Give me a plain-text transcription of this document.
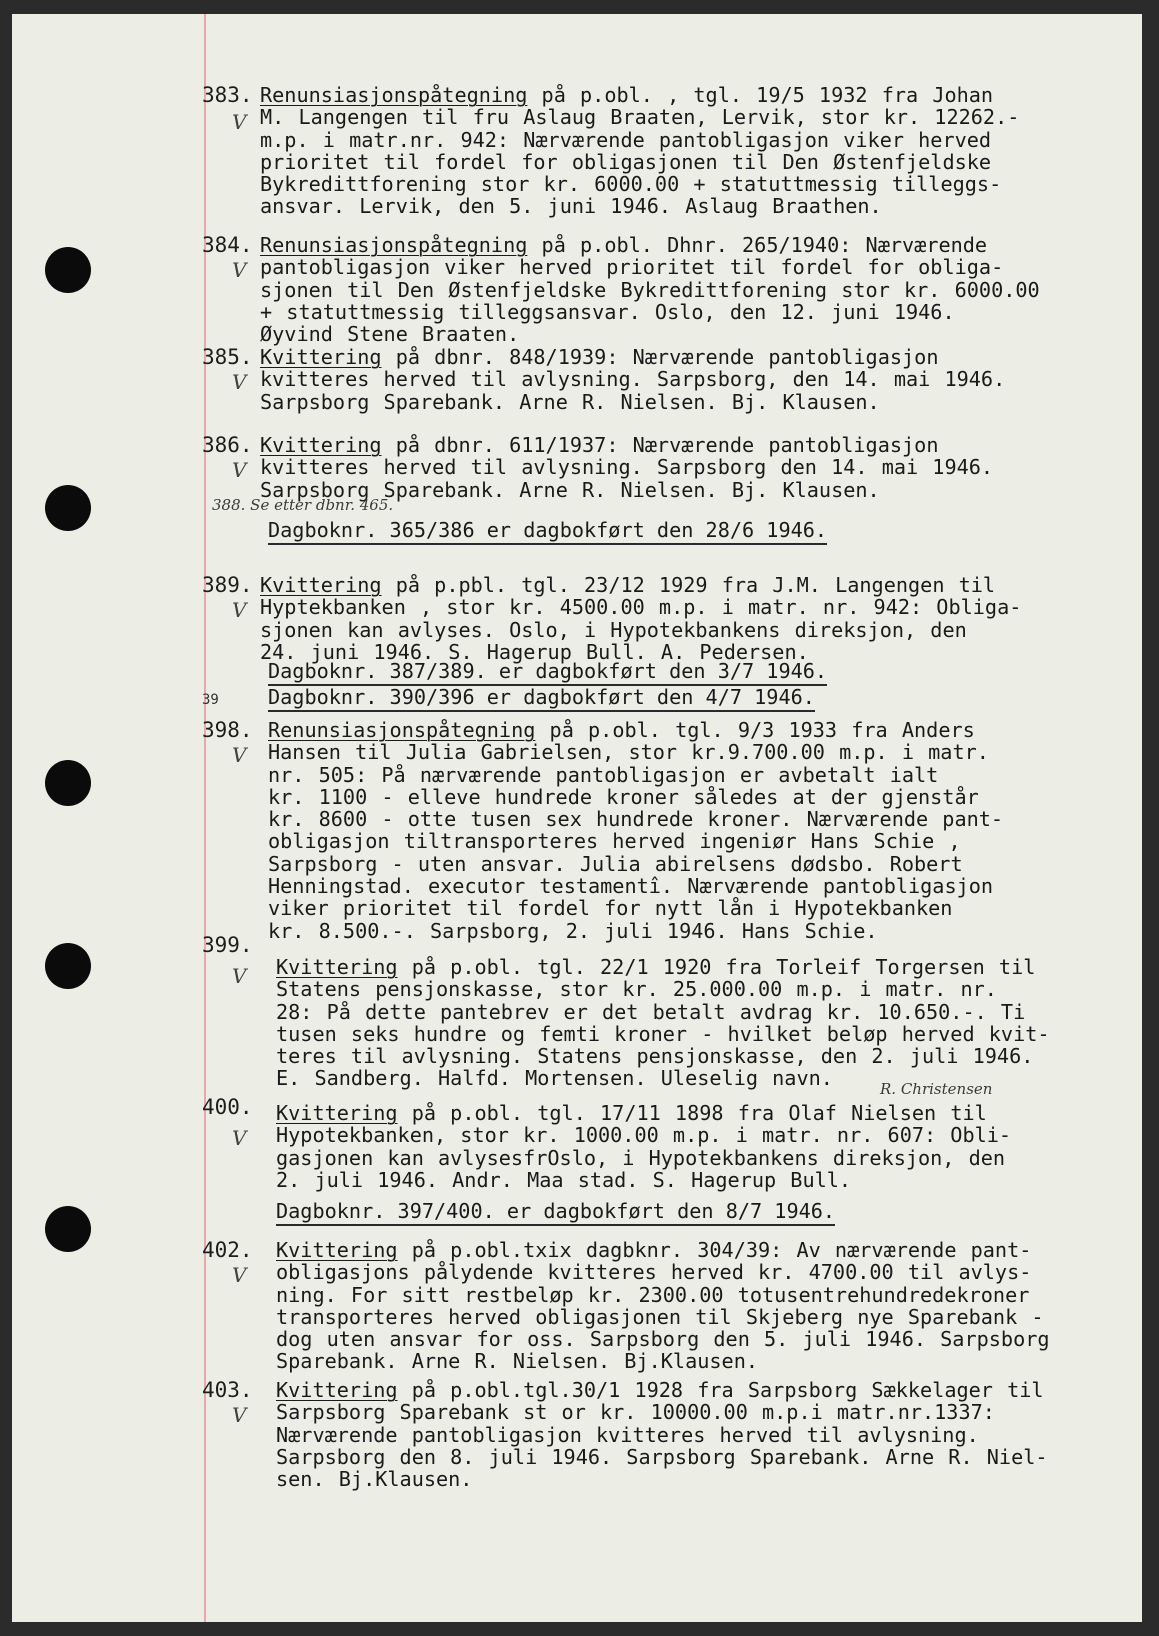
383.
V
Renunsiasjonspåtegning på p.obl. , tgl. 19/5 1932 fra Johan
M. Langengen til fru Aslaug Braaten, Lervik, stor kr. 12262.-
m.p. i matr.nr. 942: Nærværende pantobligasjon viker herved
prioritet til fordel for obligasjonen til Den Østenfjeldske
Bykredittforening stor kr. 6000.00 + statuttmessig tilleggs-
ansvar. Lervik, den 5. juni 1946. Aslaug Braathen.
384.
V
Renunsiasjonspåtegning på p.obl. Dhnr. 265/1940: Nærværende
pantobligasjon viker herved prioritet til fordel for obliga-
sjonen til Den Østenfjeldske Bykredittforening stor kr. 6000.00
+ statuttmessig tilleggsansvar. Oslo, den 12. juni 1946.
Øyvind Stene Braaten.
385.
V
Kvittering på dbnr. 848/1939: Nærværende pantobligasjon
kvitteres herved til avlysning. Sarpsborg, den 14. mai 1946.
Sarpsborg Sparebank. Arne R. Nielsen. Bj. Klausen.
386.
V
Kvittering på dbnr. 611/1937: Nærværende pantobligasjon
kvitteres herved til avlysning. Sarpsborg den 14. mai 1946.
Sarpsborg Sparebank. Arne R. Nielsen. Bj. Klausen.
388. Se etter dbnr. 465.
Dagboknr. 365/386 er dagbokført den 28/6 1946.
389.
V
Kvittering på p.pbl. tgl. 23/12 1929 fra J.M. Langengen til
Hyptekbanken , stor kr. 4500.00 m.p. i matr. nr. 942: Obliga-
sjonen kan avlyses. Oslo, i Hypotekbankens direksjon, den
24. juni 1946. S. Hagerup Bull. A. Pedersen.
Dagboknr. 387/389. er dagbokført den 3/7 1946.
39 Dagboknr. 390/396 er dagbokført den 4/7 1946.
398.
V
Renunsiasjonspåtegning på p.obl. tgl. 9/3 1933 fra Anders
Hansen til Julia Gabrielsen, stor kr.9.700.00 m.p. i matr.
nr. 505: På nærværende pantobligasjon er avbetalt ialt
kr. 1100 - elleve hundrede kroner således at der gjenstår
kr. 8600 - otte tusen sex hundrede kroner. Nærværende pant-
obligasjon tiltransporteres herved ingeniør Hans Schie ,
Sarpsborg - uten ansvar. Julia abirelsens dødsbo. Robert
Henningstad. executor testamentî. Nærværende pantobligasjon
viker prioritet til fordel for nytt lån i Hypotekbanken
kr. 8.500.-. Sarpsborg, 2. juli 1946. Hans Schie.
399.
V Kvittering på p.obl. tgl. 22/1 1920 fra Torleif Torgersen til
Statens pensjonskasse, stor kr. 25.000.00 m.p. i matr. nr.
28: På dette pantebrev er det betalt avdrag kr. 10.650.-. Ti
tusen seks hundre og femti kroner - hvilket beløp herved kvit-
teres til avlysning. Statens pensjonskasse, den 2. juli 1946.
E. Sandberg. Halfd. Mortensen. Uleselig navn.	R. Christensen
400.
V
Kvittering på p.obl. tgl. 17/11 1898 fra Olaf Nielsen til
Hypotekbanken, stor kr. 1000.00 m.p. i matr. nr. 607: Obli-
gasjonen kan avlysesfrOslo, i Hypotekbankens direksjon, den
2. juli 1946. Andr. Maa stad. S. Hagerup Bull.
Dagboknr. 397/400. er dagbokført den 8/7 1946.
402.
V
Kvittering på p.obl.txix dagbknr. 304/39: Av nærværende pant-
obligasjons pålydende kvitteres herved kr. 4700.00 til avlys-
ning. For sitt restbeløp kr. 2300.00 totusentrehundredekroner
transporteres herved obligasjonen til Skjeberg nye Sparebank -
dog uten ansvar for oss. Sarpsborg den 5. juli 1946. Sarpsborg
Sparebank. Arne R. Nielsen. Bj.Klausen.
403.
V
Kvittering på p.obl.tgl.30/1 1928 fra Sarpsborg Sækkelager til
Sarpsborg Sparebank st or kr. 10000.00 m.p.i matr.nr.1337:
Nærværende pantobligasjon kvitteres herved til avlysning.
Sarpsborg den 8. juli 1946. Sarpsborg Sparebank. Arne R. Niel-
sen. Bj.Klausen.
